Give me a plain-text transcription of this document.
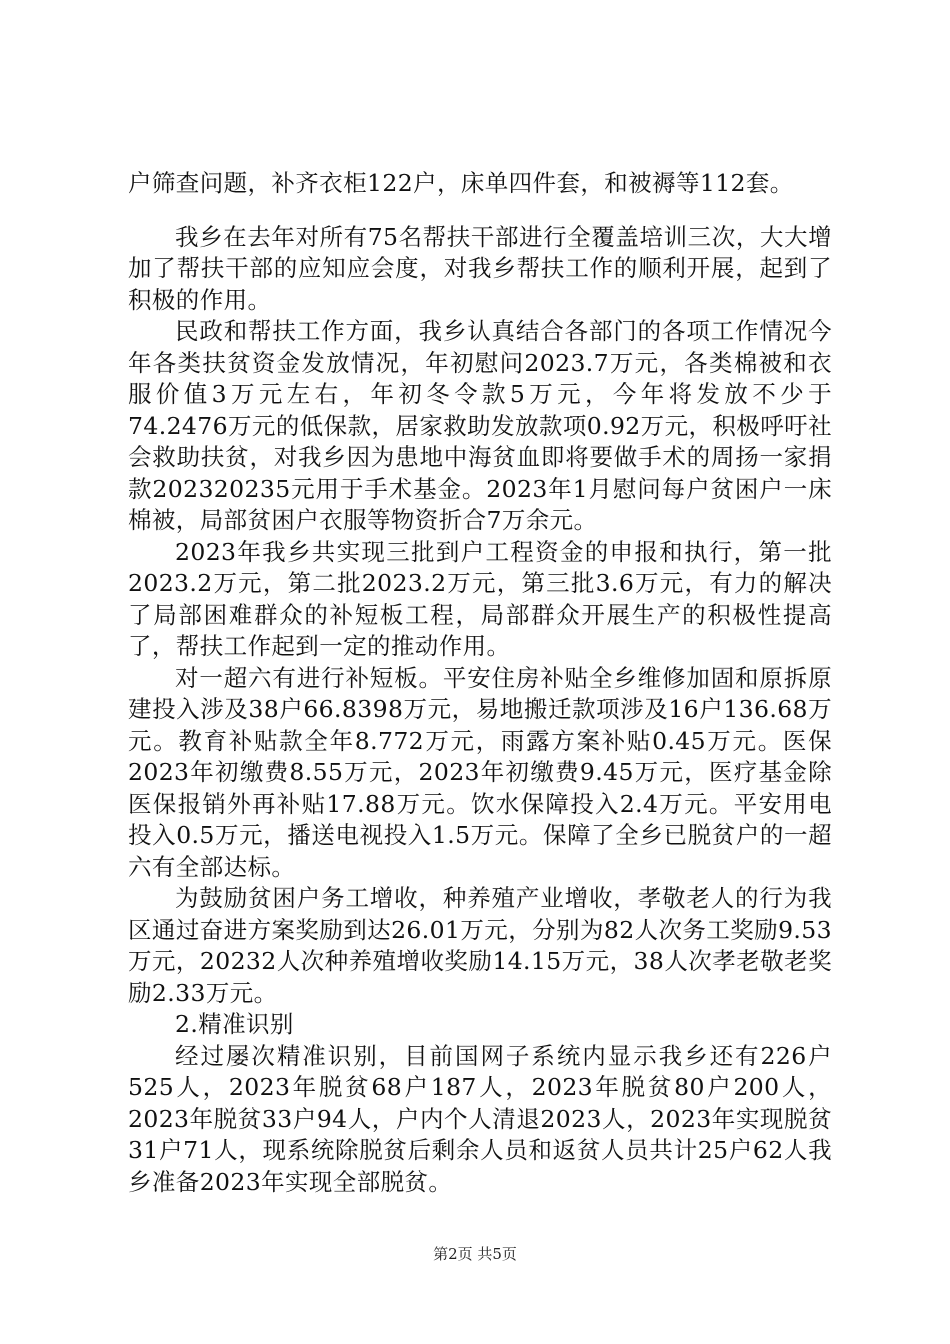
户筛查问题，补齐衣柜122户，床单四件套，和被褥等112套。

我乡在去年对所有75名帮扶干部进行全覆盖培训三次，大大增加了帮扶干部的应知应会度，对我乡帮扶工作的顺利开展，起到了积极的作用。

民政和帮扶工作方面，我乡认真结合各部门的各项工作情况今年各类扶贫资金发放情况，年初慰问2023.7万元，各类棉被和衣服价值3万元左右，年初冬令款5万元，今年将发放不少于74.2476万元的低保款，居家救助发放款项0.92万元，积极呼吁社会救助扶贫，对我乡因为患地中海贫血即将要做手术的周扬一家捐款202320235元用于手术基金。2023年1月慰问每户贫困户一床棉被，局部贫困户衣服等物资折合7万余元。

2023年我乡共实现三批到户工程资金的申报和执行，第一批2023.2万元，第二批2023.2万元，第三批3.6万元，有力的解决了局部困难群众的补短板工程，局部群众开展生产的积极性提高了，帮扶工作起到一定的推动作用。

对一超六有进行补短板。平安住房补贴全乡维修加固和原拆原建投入涉及38户66.8398万元，易地搬迁款项涉及16户136.68万元。教育补贴款全年8.772万元，雨露方案补贴0.45万元。医保2023年初缴费8.55万元，2023年初缴费9.45万元，医疗基金除医保报销外再补贴17.88万元。饮水保障投入2.4万元。平安用电投入0.5万元，播送电视投入1.5万元。保障了全乡已脱贫户的一超六有全部达标。

为鼓励贫困户务工增收，种养殖产业增收，孝敬老人的行为我区通过奋进方案奖励到达26.01万元，分别为82人次务工奖励9.53万元，20232人次种养殖增收奖励14.15万元，38人次孝老敬老奖励2.33万元。

2.精准识别

经过屡次精准识别，目前国网子系统内显示我乡还有226户525人，2023年脱贫68户187人，2023年脱贫80户200人，2023年脱贫33户94人，户内个人清退2023人，2023年实现脱贫31户71人，现系统除脱贫后剩余人员和返贫人员共计25户62人我乡准备2023年实现全部脱贫。

第2页 共5页
